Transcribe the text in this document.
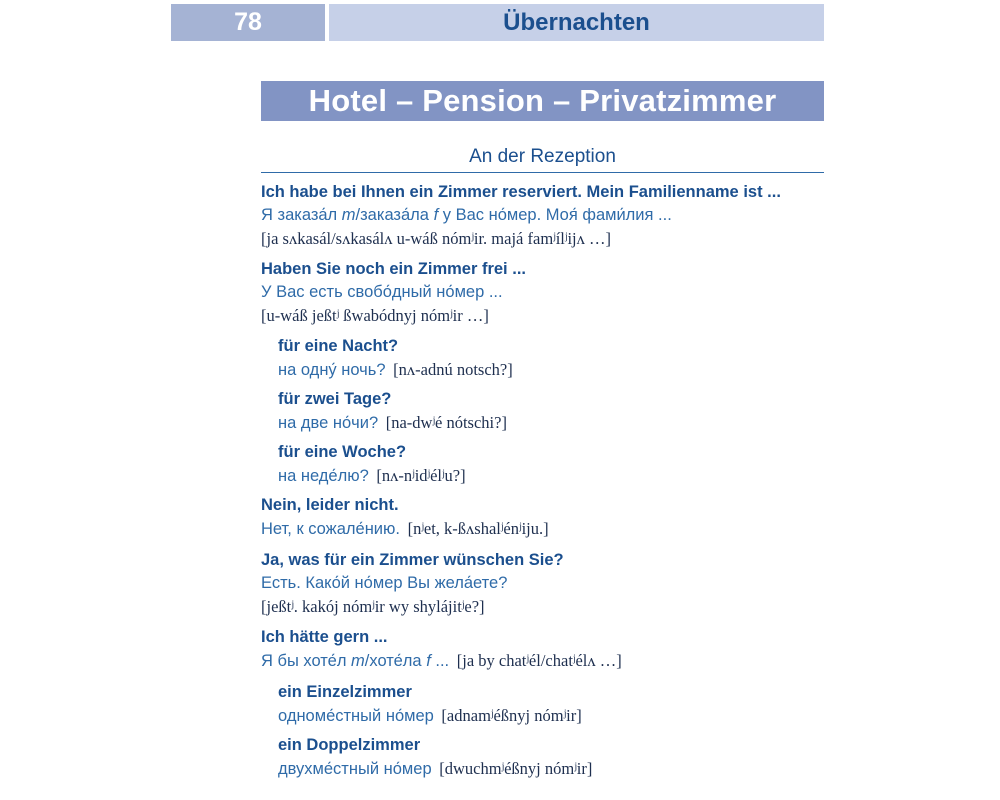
78	Übernachten
Hotel – Pension – Privatzimmer
An der Rezeption
Ich habe bei Ihnen ein Zimmer reserviert. Mein Familienname ist ...
Я заказа́л m/заказа́ла f у Вас но́мер. Моя́ фами́лия ...
[ja sʌkasál/sʌkasálʌ u-wáß nómʲir. majá famʲílʲijʌ …]
Haben Sie noch ein Zimmer frei ...
У Вас есть свобо́дный но́мер ...
[u-wáß jeßtʲ ßwabódnyj nómʲir …]
für eine Nacht?
на одну́ ночь? [nʌ-adnú notsch?]
für zwei Tage?
на две но́чи? [na-dwʲé nótschi?]
für eine Woche?
на неде́лю? [nʌ-nʲidʲélʲu?]
Nein, leider nicht.
Нет, к сожале́нию. [nʲet, k-ßʌshalʲénʲiju.]
Ja, was für ein Zimmer wünschen Sie?
Есть. Како́й но́мер Вы жела́ете?
[jeßtʲ. kakój nómʲir wy shylájitʲe?]
Ich hätte gern ...
Я бы хоте́л m/хоте́ла f ... [ja by chatʲél/chatʲélʌ …]
ein Einzelzimmer
одноме́стный но́мер [adnamʲéßnyj nómʲir]
ein Doppelzimmer
двухме́стный но́мер [dwuchmʲéßnyj nómʲir]
